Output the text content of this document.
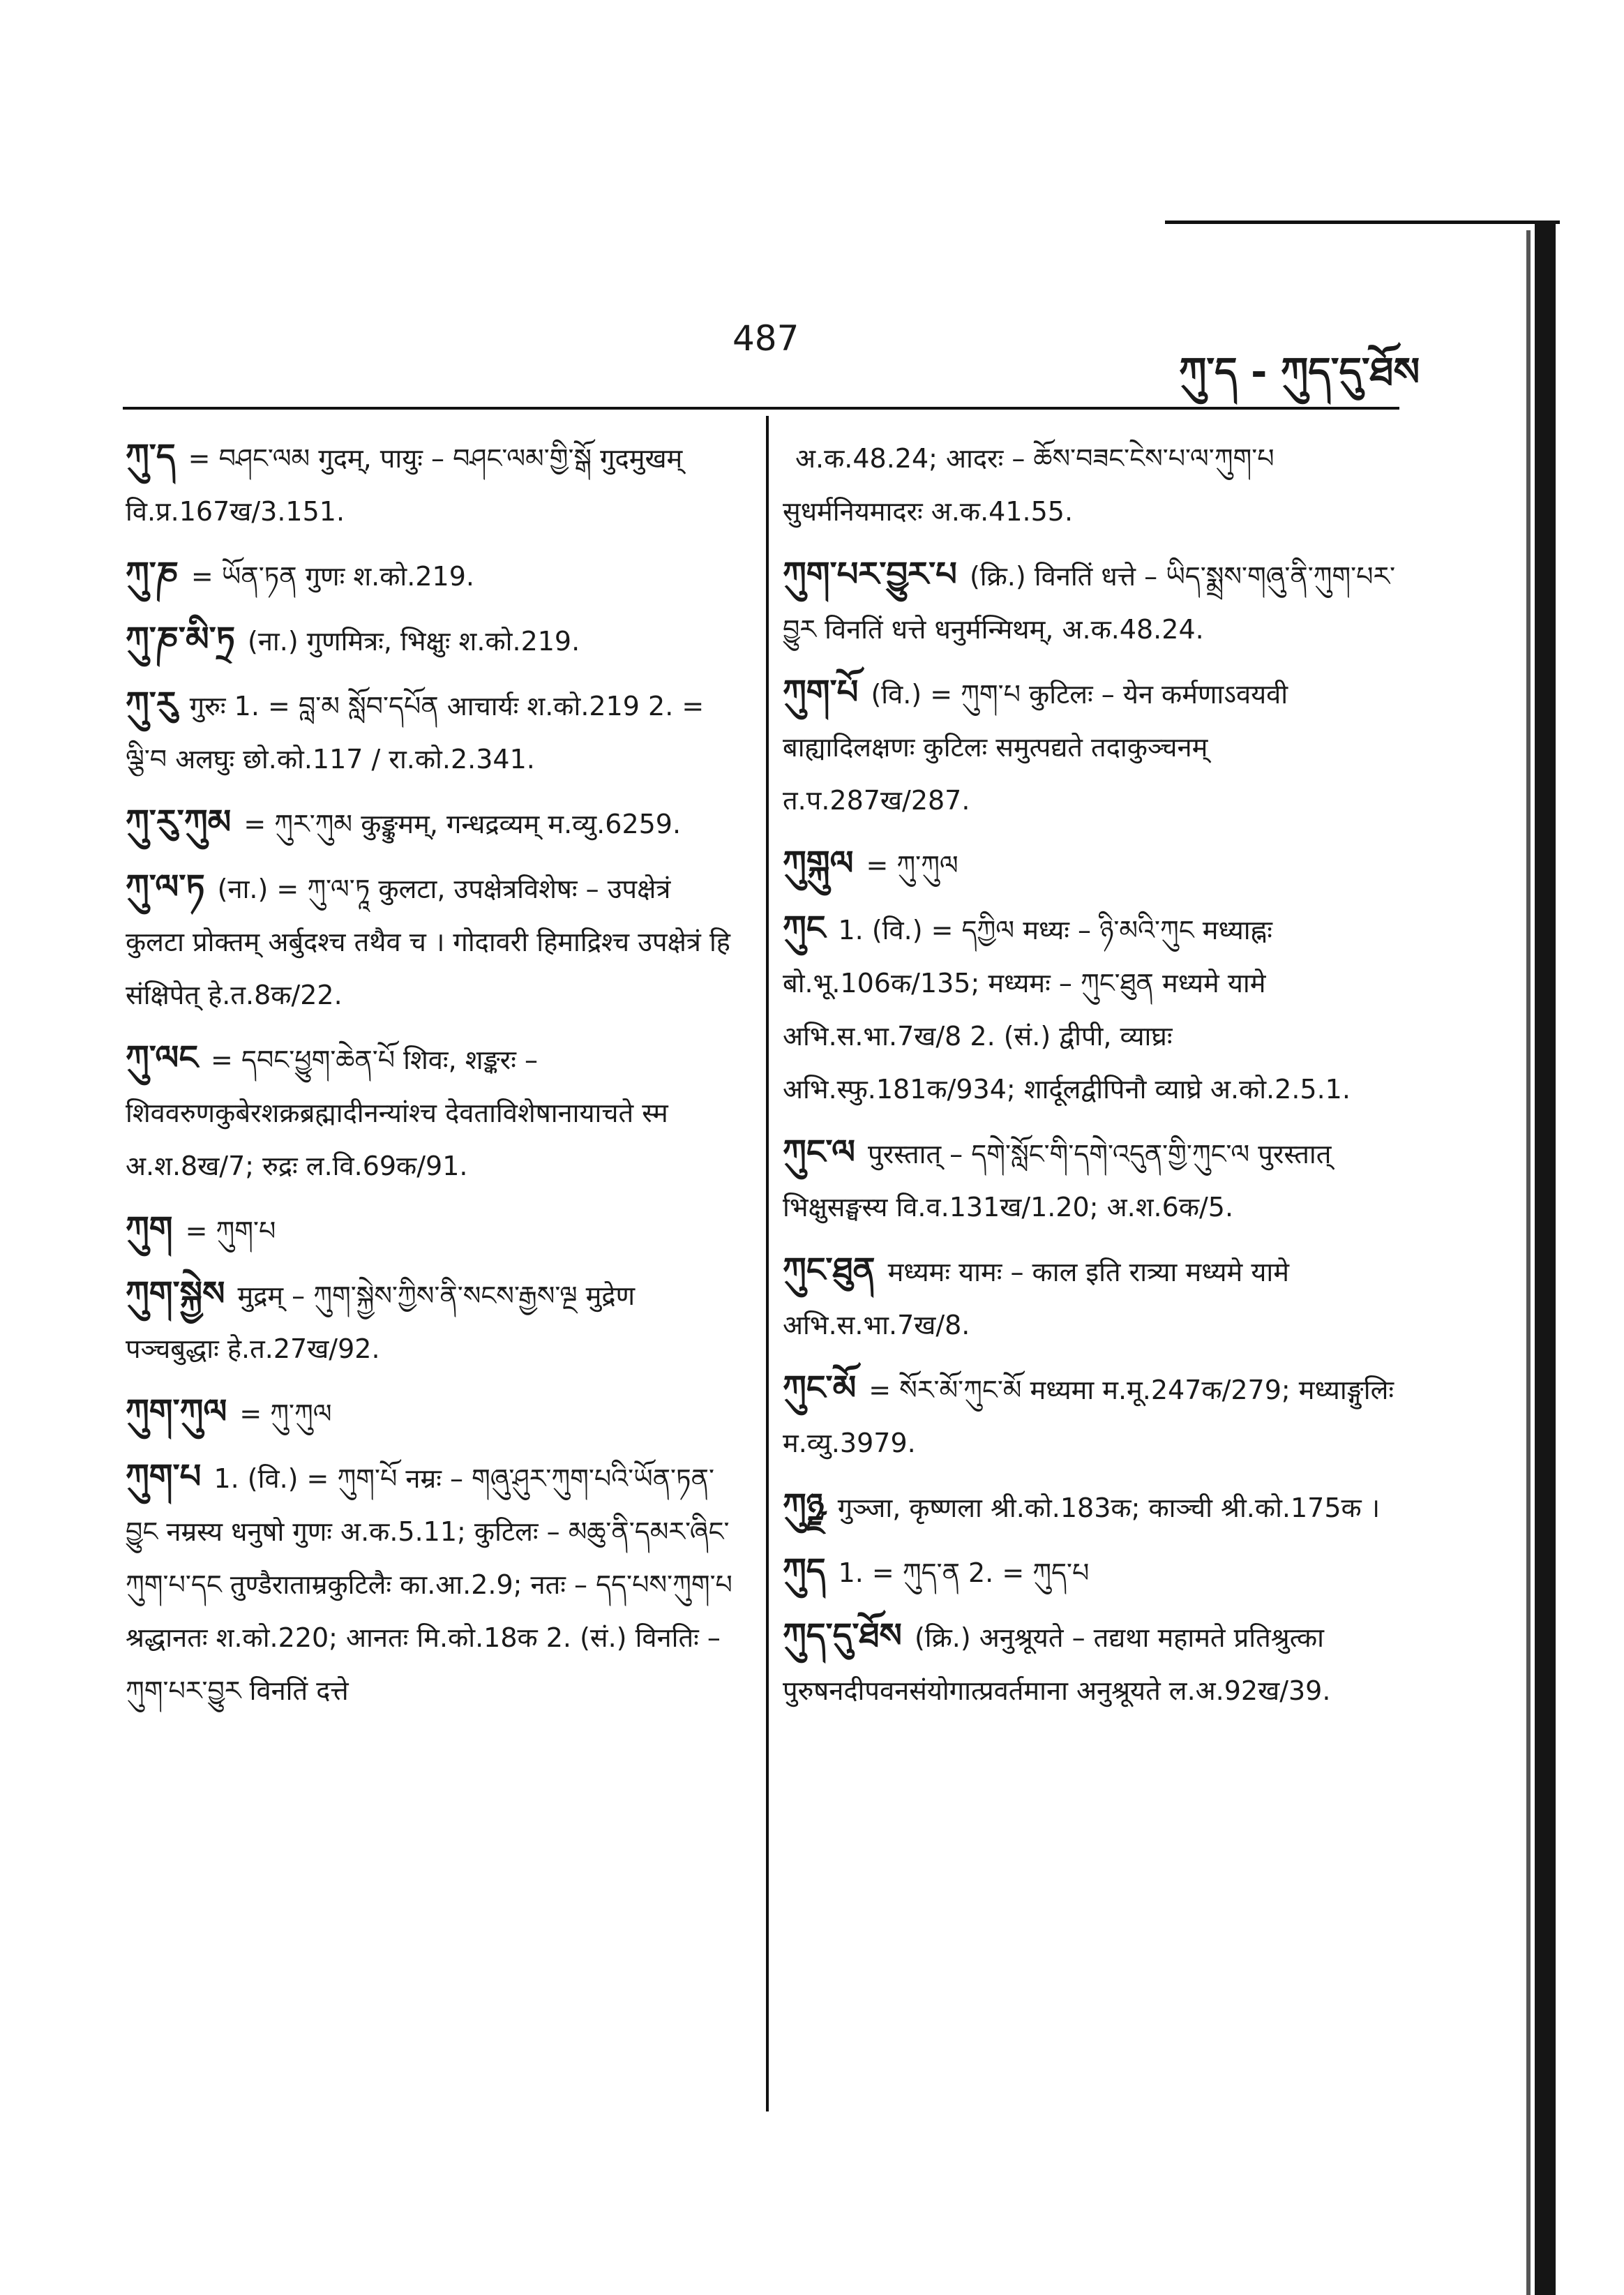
487
ཀུ་ད - ཀུད་དུ་ཐོས
ཀུ་ད = བཤང་ལམ गुदम्, पायुः – བཤང་ལམ་གྱི་སྒོ गुदमुखम् वि.प्र.167ख/3.151.
ཀུ་ཎ = ཡོན་ཏན गुणः श.को.219.
ཀུ་ཎ་མི་ཏྲ (ना.) गुणमित्रः, भिक्षुः श.को.219.
ཀུ་རུ गुरुः 1. = བླ་མ སློབ་དཔོན आचार्यः श.को.219 2. = ལྕི་བ अलघुः छो.को.117 / रा.को.2.341.
ཀུ་རུ་ཀུམ = ཀུར་ཀུམ कुङ्कुमम्, गन्धद्रव्यम् म.व्यु.6259.
ཀུ་ལ་ཏ (ना.) = ཀུ་ལ་ཏཱ कुलटा, उपक्षेत्रविशेषः – उपक्षेत्रं कुलटा प्रोक्तम् अर्बुदश्च तथैव च । गोदावरी हिमाद्रिश्च उपक्षेत्रं हि संक्षिपेत् हे.त.8क/22.
ཀུ་ལང = དབང་ཕྱུག་ཆེན་པོ शिवः, शङ्करः – शिववरुणकुबेरशक्रब्रह्मादीनन्यांश्च देवताविशेषानायाचते स्म अ.श.8ख/7; रुद्रः ल.वि.69क/91.
ཀུག = ཀུག་པ
ཀུག་སྐྱེས मुद्रम् – ཀུག་སྐྱེས་ཀྱིས་ནི་སངས་རྒྱས་ལྔ मुद्रेण पञ्चबुद्धाः हे.त.27ख/92.
ཀུག་ཀུལ = ཀུ་ཀུལ
ཀུག་པ 1. (वि.) = ཀུག་པོ नम्रः – གཞུ་ཤུར་ཀུག་པའི་ཡོན་ཏན་བྱུང नम्रस्य धनुषो गुणः अ.क.5.11; कुटिलः – མཆུ་ནི་དམར་ཞིང་ཀུག་པ་དང तुण्डैराताम्रकुटिलैः का.आ.2.9; नतः – དད་པས་ཀུག་པ श्रद्धानतः श.को.220; आनतः मि.को.18क 2. (सं.) विनतिः – ཀུག་པར་བྱུར विनतिं दत्ते
अ.क.48.24; आदरः – ཆོས་བཟང་ངེས་པ་ལ་ཀུག་པ सुधर्मनियमादरः अ.क.41.55.
ཀུག་པར་བྱུར་པ (क्रि.) विनतिं धत्ते – ཡིད་སྨྲས་གཞུ་ནི་ཀུག་པར་བྱུར विनतिं धत्ते धनुर्मन्मिथम्, अ.क.48.24.
ཀུག་པོ (वि.) = ཀུག་པ कुटिलः – येन कर्मणाऽवयवी बाह्यादिलक्षणः कुटिलः समुत्पद्यते तदाकुञ्चनम् त.प.287ख/287.
ཀུགྐུལ = ཀུ་ཀུལ
ཀུང 1. (वि.) = དཀྱིལ मध्यः – ཉི་མའི་ཀུང मध्याह्नः बो.भू.106क/135; मध्यमः – ཀུང་ཐུན मध्यमे यामे अभि.स.भा.7ख/8 2. (सं.) द्वीपी, व्याघ्रः अभि.स्फु.181क/934; शार्दूलद्वीपिनौ व्याघ्रे अ.को.2.5.1.
ཀུང་ལ पुरस्तात् – དགེ་སློང་གི་དགེ་འདུན་གྱི་ཀུང་ལ पुरस्तात् भिक्षुसङ्घस्य वि.व.131ख/1.20; अ.श.6क/5.
ཀུང་ཐུན मध्यमः यामः – काल इति रात्र्या मध्यमे यामे अभि.स.भा.7ख/8.
ཀུང་མོ = སོར་མོ་ཀུང་མོ मध्यमा म.मू.247क/279; मध्याङ्गुलिः म.व्यु.3979.
ཀུཉྫ गुञ्जा, कृष्णला श्री.को.183क; काञ्ची श्री.को.175क ।
ཀུད 1. = ཀུད་ན 2. = ཀུད་པ
ཀུད་དུ་ཐོས (क्रि.) अनुश्रूयते – तद्यथा महामते प्रतिश्रुत्का पुरुषनदीपवनसंयोगात्प्रवर्तमाना अनुश्रूयते ल.अ.92ख/39.
